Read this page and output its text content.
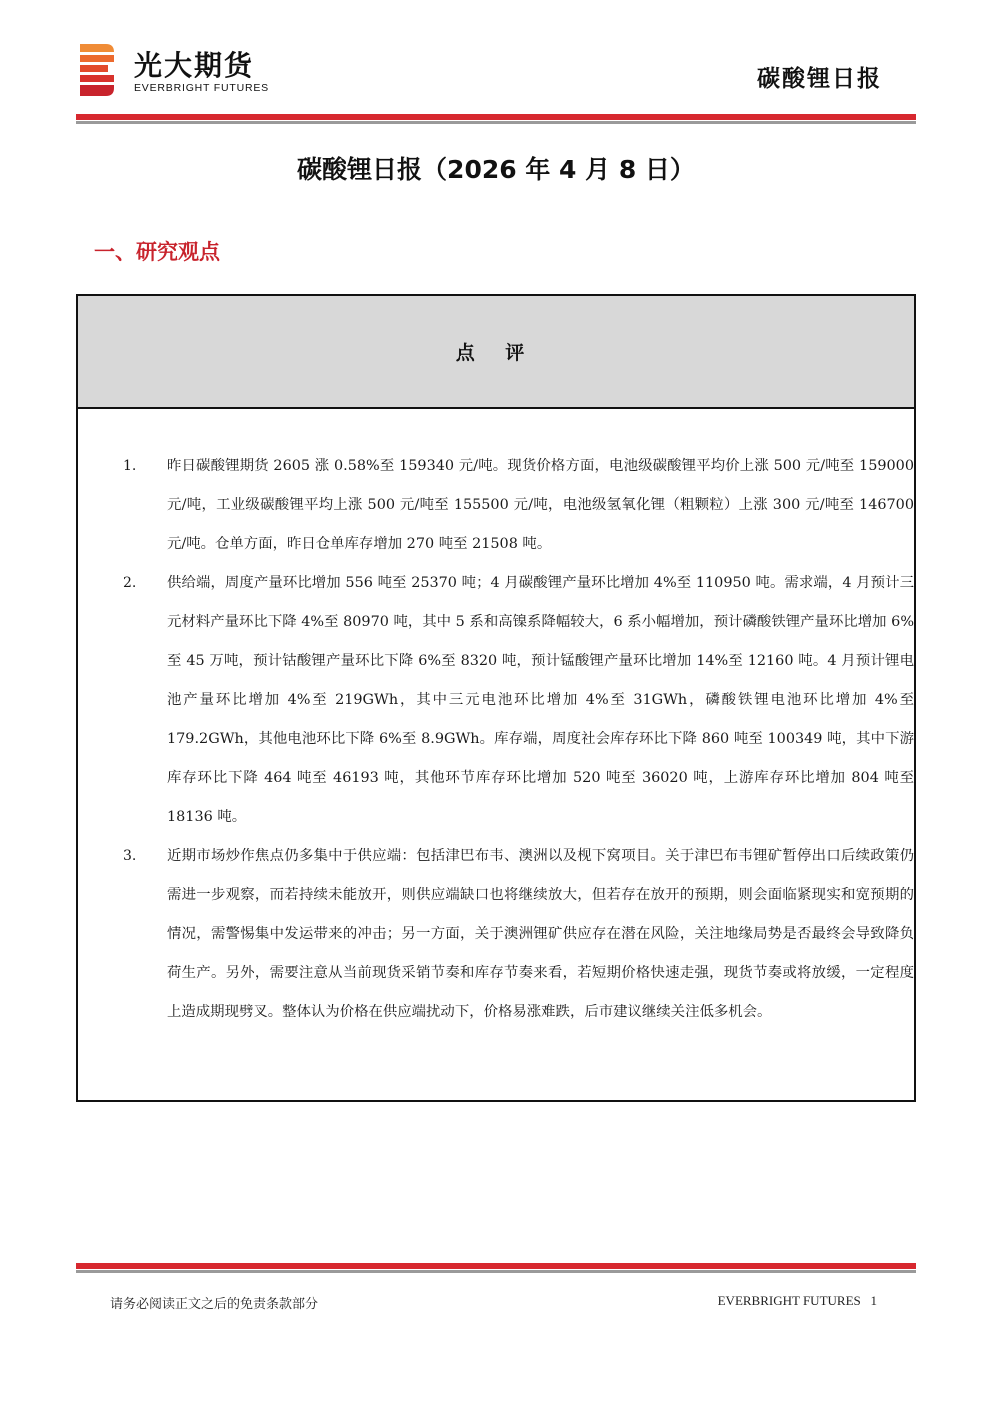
光大期货
EVERBRIGHT FUTURES	碳酸锂日报
碳酸锂日报（2026 年 4 月 8 日）
一、研究观点
点 评
1.	昨日碳酸锂期货 2605 涨 0.58%至 159340 元/吨。现货价格方面，电池级碳酸锂平均价上涨 500 元/吨至 159000 元/吨，工业级碳酸锂平均上涨 500 元/吨至 155500 元/吨，电池级氢氧化锂（粗颗粒）上涨 300 元/吨至 146700 元/吨。仓单方面，昨日仓单库存增加 270 吨至 21508 吨。
2.	供给端，周度产量环比增加 556 吨至 25370 吨；4 月碳酸锂产量环比增加 4%至 110950 吨。需求端，4 月预计三元材料产量环比下降 4%至 80970 吨，其中 5 系和高镍系降幅较大，6 系小幅增加，预计磷酸铁锂产量环比增加 6%至 45 万吨，预计钴酸锂产量环比下降 6%至 8320 吨，预计锰酸锂产量环比增加 14%至 12160 吨。4 月预计锂电池产量环比增加 4%至 219GWh，其中三元电池环比增加 4%至 31GWh，磷酸铁锂电池环比增加 4%至 179.2GWh，其他电池环比下降 6%至 8.9GWh。库存端，周度社会库存环比下降 860 吨至 100349 吨，其中下游库存环比下降 464 吨至 46193 吨，其他环节库存环比增加 520 吨至 36020 吨，上游库存环比增加 804 吨至 18136 吨。
3.	近期市场炒作焦点仍多集中于供应端：包括津巴布韦、澳洲以及枧下窝项目。关于津巴布韦锂矿暂停出口后续政策仍需进一步观察，而若持续未能放开，则供应端缺口也将继续放大，但若存在放开的预期，则会面临紧现实和宽预期的情况，需警惕集中发运带来的冲击；另一方面，关于澳洲锂矿供应存在潜在风险，关注地缘局势是否最终会导致降负荷生产。另外，需要注意从当前现货采销节奏和库存节奏来看，若短期价格快速走强，现货节奏或将放缓，一定程度上造成期现劈叉。整体认为价格在供应端扰动下，价格易涨难跌，后市建议继续关注低多机会。
请务必阅读正文之后的免责条款部分	EVERBRIGHT FUTURES 1
